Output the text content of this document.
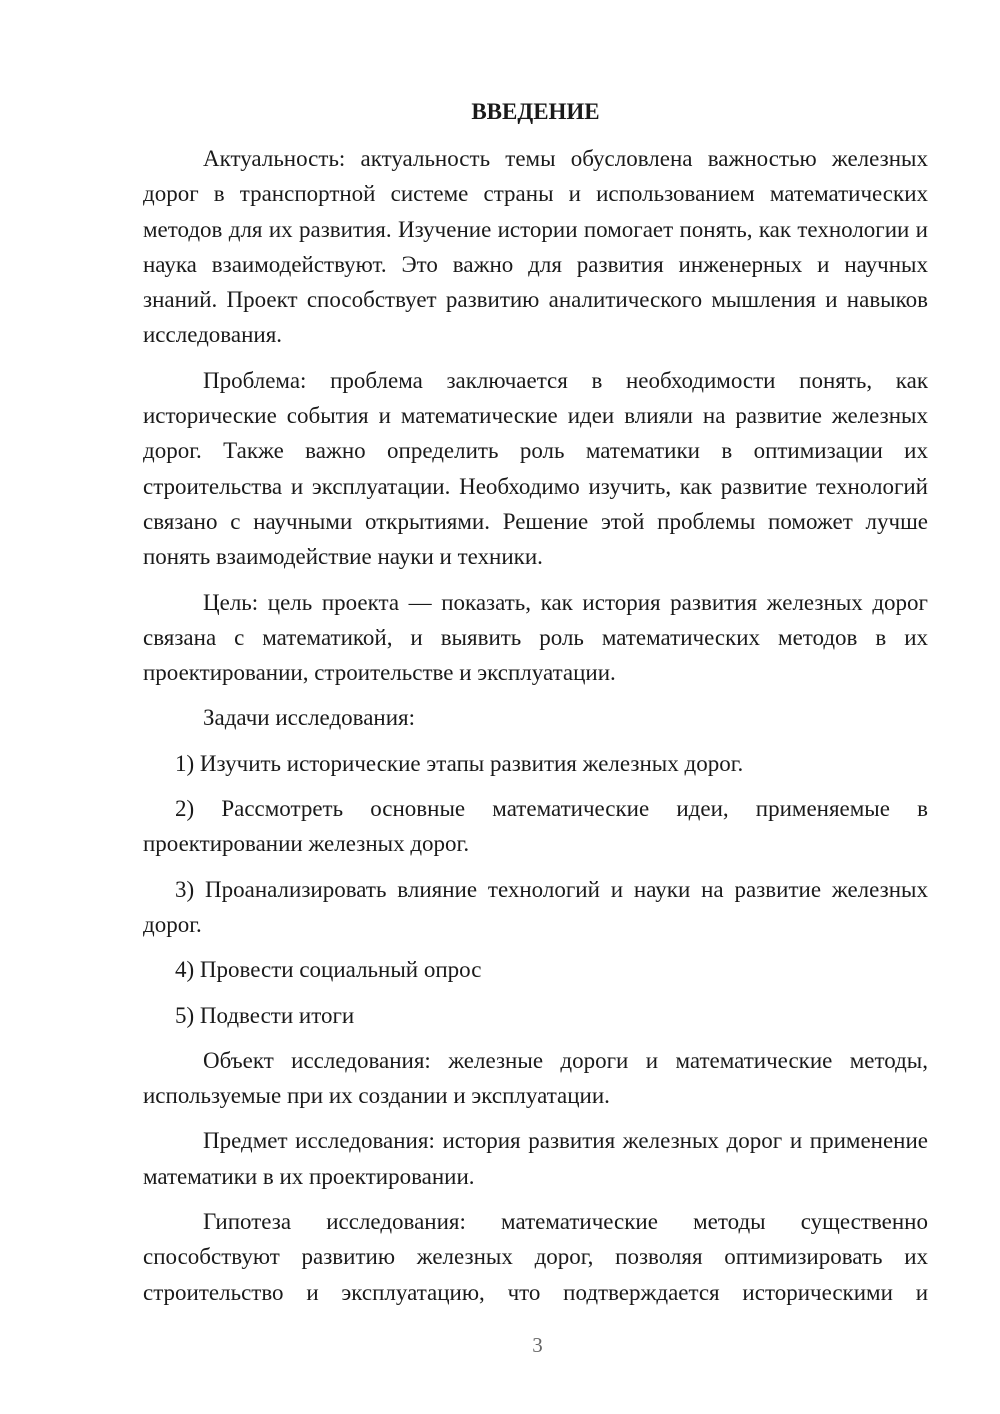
ВВЕДЕНИЕ

Актуальность: актуальность темы обусловлена важностью железных дорог в транспортной системе страны и использованием математических методов для их развития. Изучение истории помогает понять, как технологии и наука взаимодействуют. Это важно для развития инженерных и научных знаний. Проект способствует развитию аналитического мышления и навыков исследования.

Проблема: проблема заключается в необходимости понять, как исторические события и математические идеи влияли на развитие железных дорог. Также важно определить роль математики в оптимизации их строительства и эксплуатации. Необходимо изучить, как развитие технологий связано с научными открытиями. Решение этой проблемы поможет лучше понять взаимодействие науки и техники.

Цель: цель проекта — показать, как история развития железных дорог связана с математикой, и выявить роль математических методов в их проектировании, строительстве и эксплуатации.

Задачи исследования:

1) Изучить исторические этапы развития железных дорог.

2) Рассмотреть основные математические идеи, применяемые в проектировании железных дорог.

3) Проанализировать влияние технологий и науки на развитие железных дорог.

4) Провести социальный опрос

5) Подвести итоги

Объект исследования: железные дороги и математические методы, используемые при их создании и эксплуатации.

Предмет исследования: история развития железных дорог и применение математики в их проектировании.

Гипотеза исследования: математические методы существенно способствуют развитию железных дорог, позволяя оптимизировать их строительство и эксплуатацию, что подтверждается историческими и

3
